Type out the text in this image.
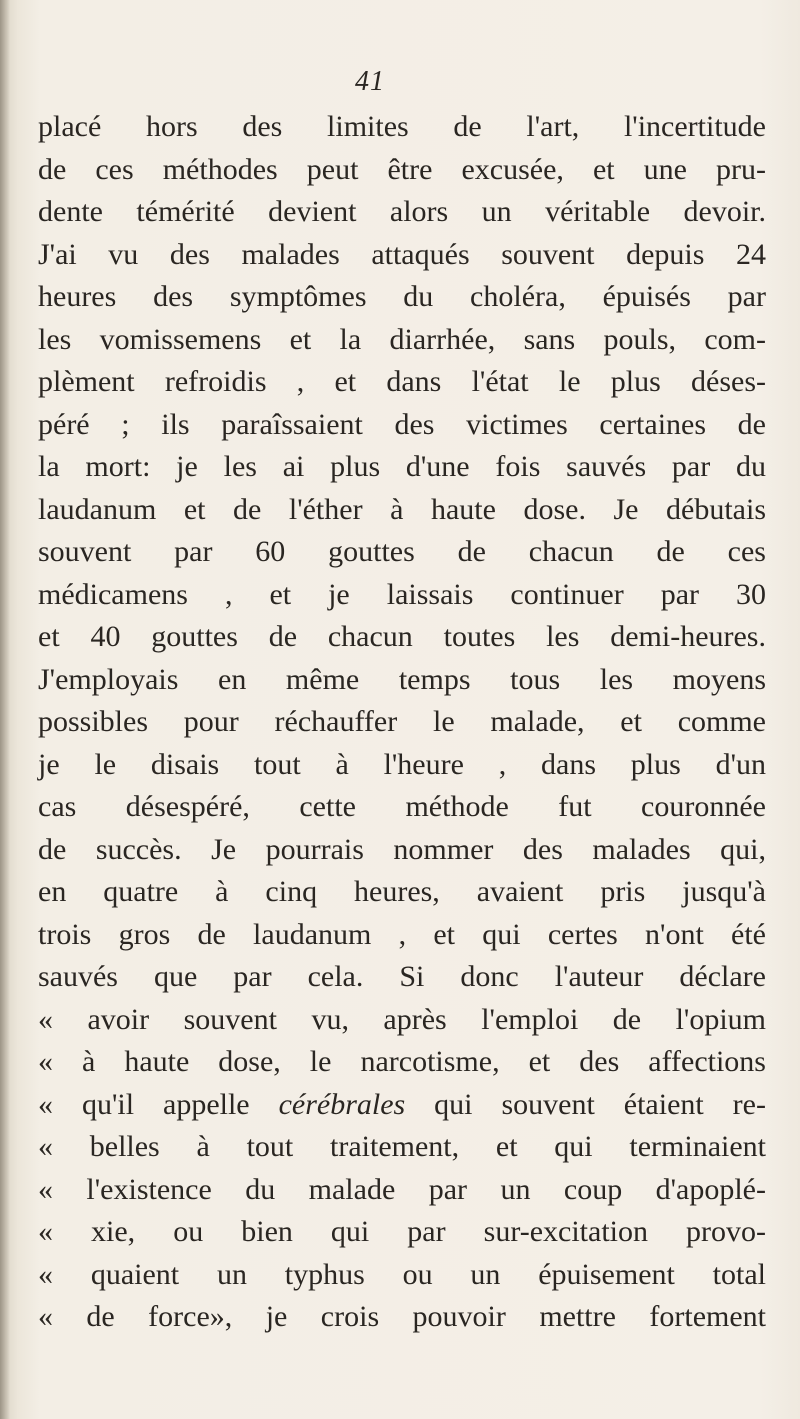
41
placé hors des limites de l'art, l'incertitude
de ces méthodes peut être excusée, et une pru-
dente témérité devient alors un véritable devoir.
J'ai vu des malades attaqués souvent depuis 24
heures des symptômes du choléra, épuisés par
les vomissemens et la diarrhée, sans pouls, com-
plèment refroidis , et dans l'état le plus déses-
péré ; ils paraîssaient des victimes certaines de
la mort: je les ai plus d'une fois sauvés par du
laudanum et de l'éther à haute dose. Je débutais
souvent par 60 gouttes de chacun de ces
médicamens , et je laissais continuer par 30
et 40 gouttes de chacun toutes les demi-heures.
J'employais en même temps tous les moyens
possibles pour réchauffer le malade, et comme
je le disais tout à l'heure , dans plus d'un
cas désespéré, cette méthode fut couronnée
de succès. Je pourrais nommer des malades qui,
en quatre à cinq heures, avaient pris jusqu'à
trois gros de laudanum , et qui certes n'ont été
sauvés que par cela. Si donc l'auteur déclare
« avoir souvent vu, après l'emploi de l'opium
« à haute dose, le narcotisme, et des affections
« qu'il appelle cérébrales qui souvent étaient re-
« belles à tout traitement, et qui terminaient
« l'existence du malade par un coup d'apoplé-
« xie, ou bien qui par sur-excitation provo-
« quaient un typhus ou un épuisement total
« de force», je crois pouvoir mettre fortement
